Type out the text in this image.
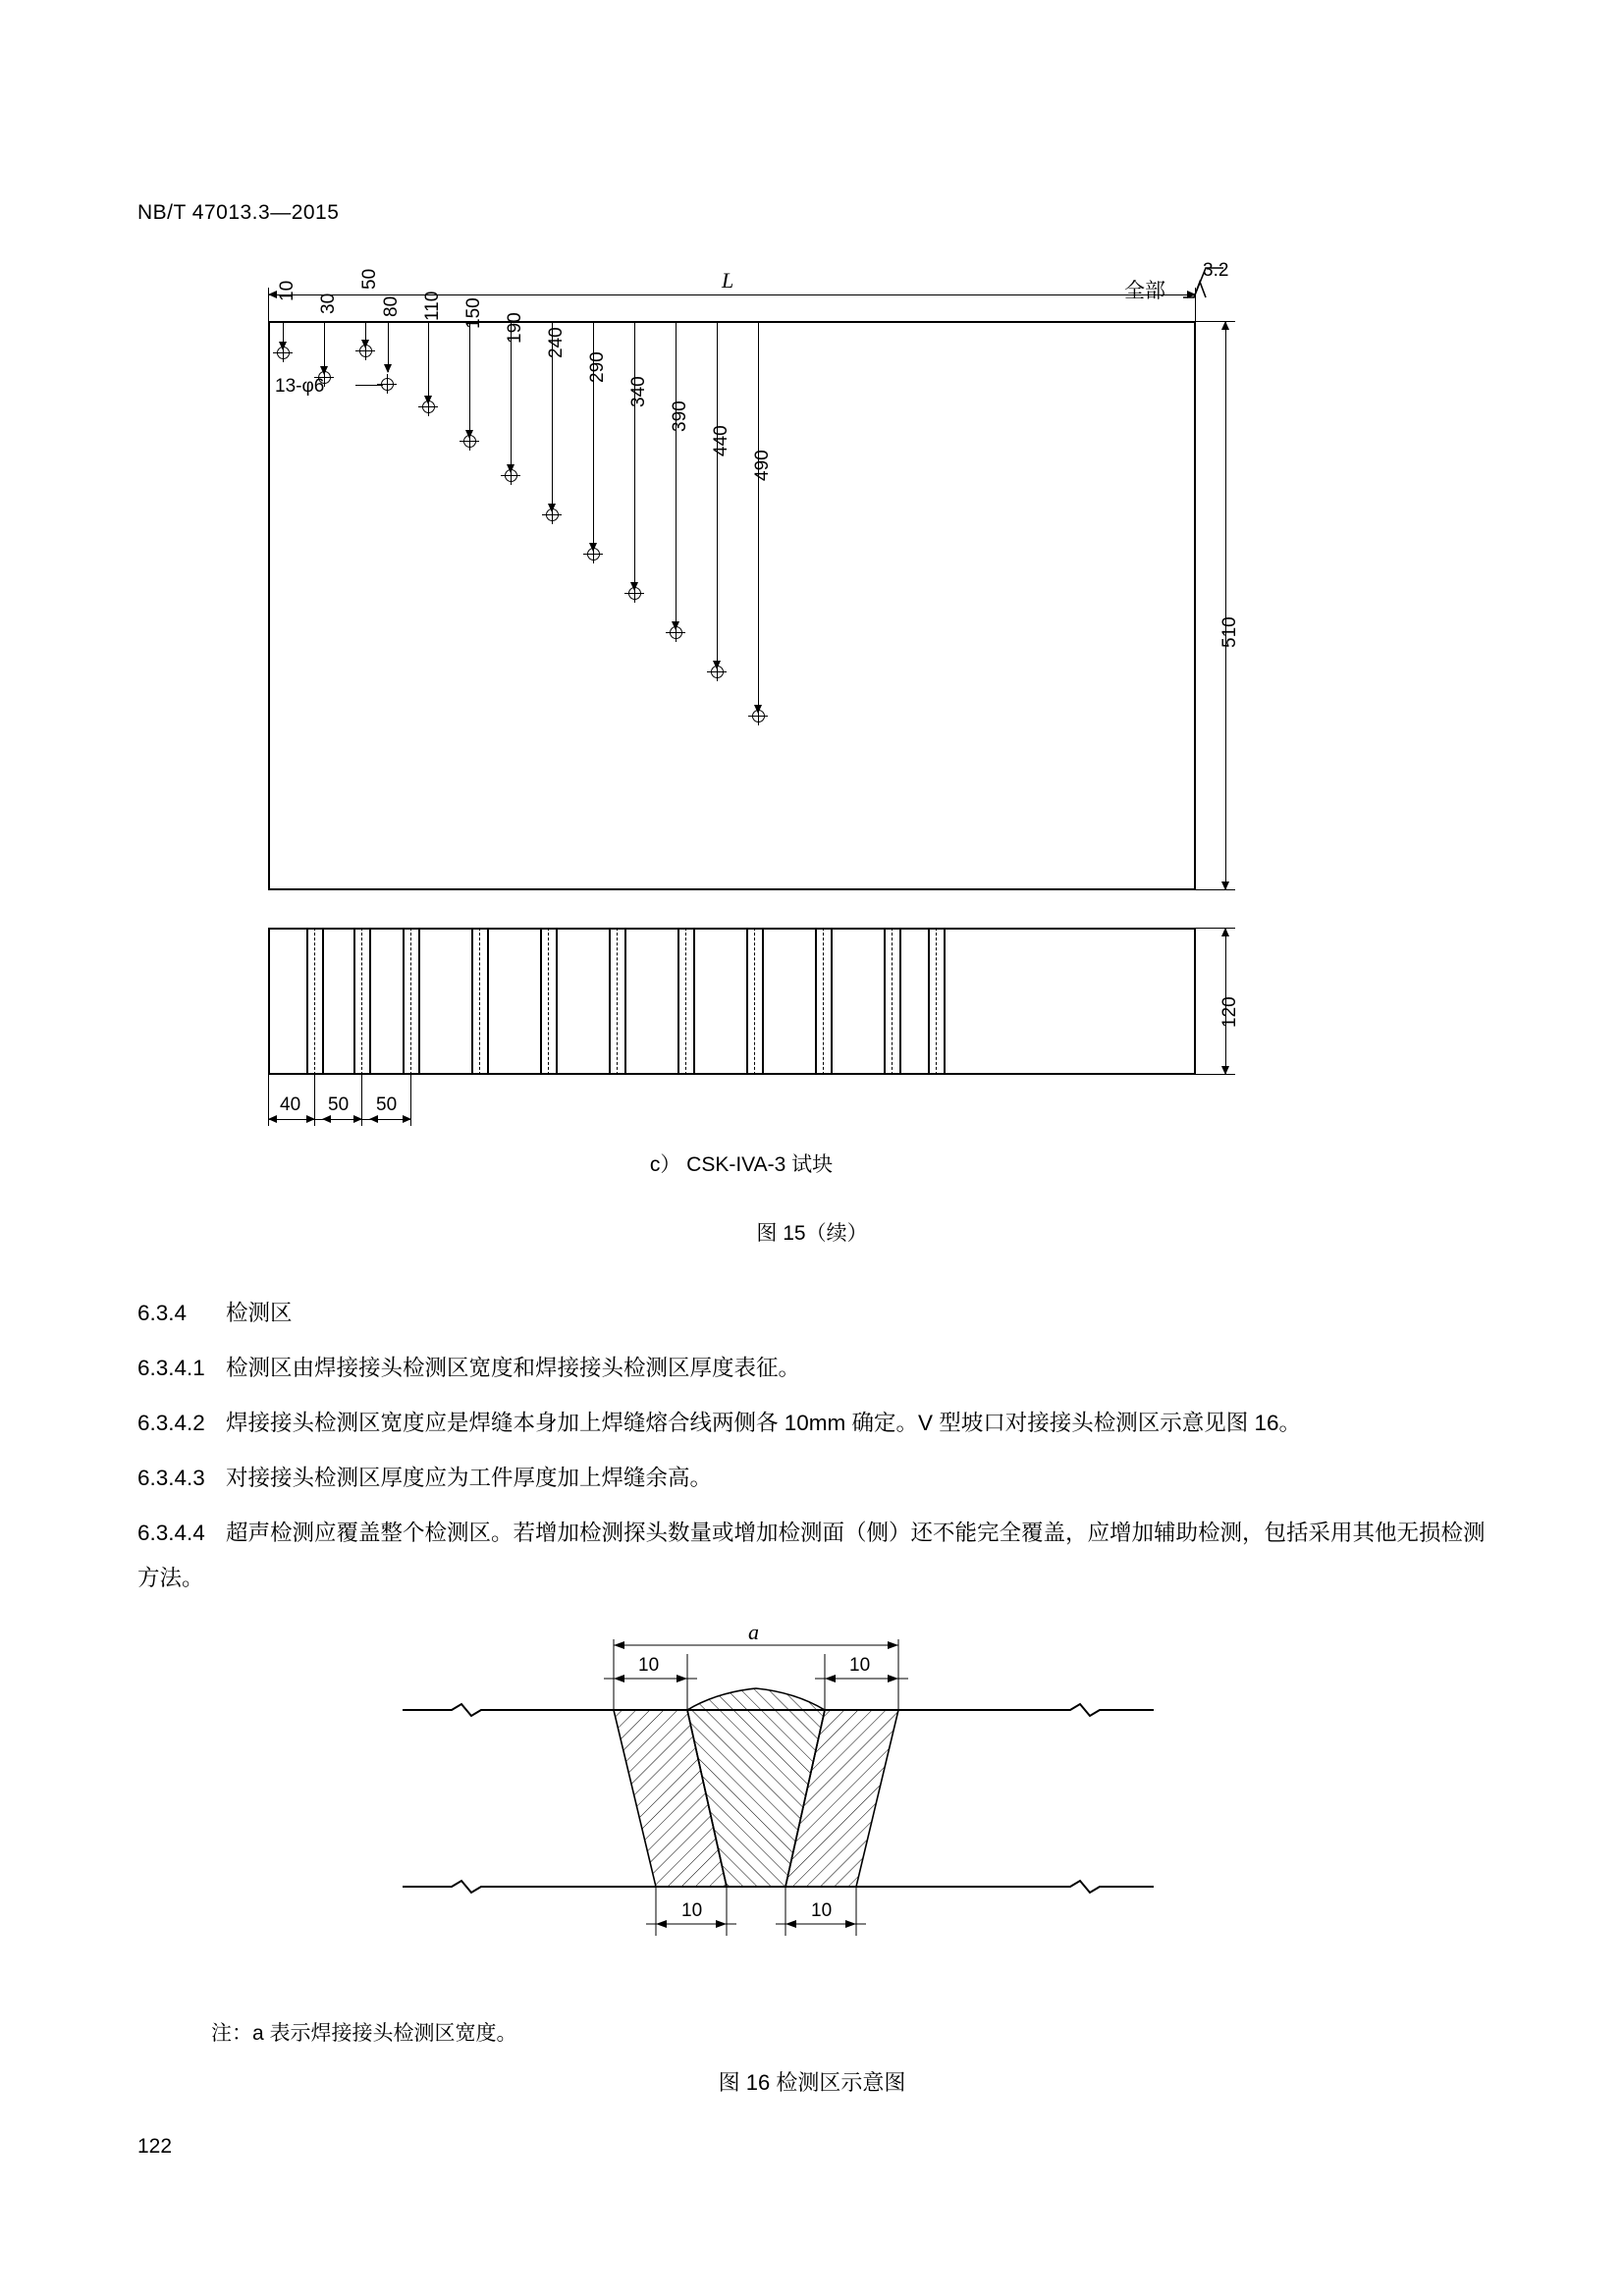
NB/T 47013.3—2015
L	全部
3.2
510
10
30
50
13-φ6
80 110 150 190 240
290
340
390
440
490
120
40 50 50
c） CSK-IVA-3 试块
图 15（续）

6.3.4 检测区

6.3.4.1 检测区由焊接接头检测区宽度和焊接接头检测区厚度表征。

6.3.4.2 焊接接头检测区宽度应是焊缝本身加上焊缝熔合线两侧各 10mm 确定。V 型坡口对接接头检测区示意见图 16。

6.3.4.3 对接接头检测区厚度应为工件厚度加上焊缝余高。

6.3.4.4 超声检测应覆盖整个检测区。若增加检测探头数量或增加检测面（侧）还不能完全覆盖，应增加辅助检测，包括采用其他无损检测方法。

a
10	10
10	10
注：a 表示焊接接头检测区宽度。
图 16 检测区示意图
122
